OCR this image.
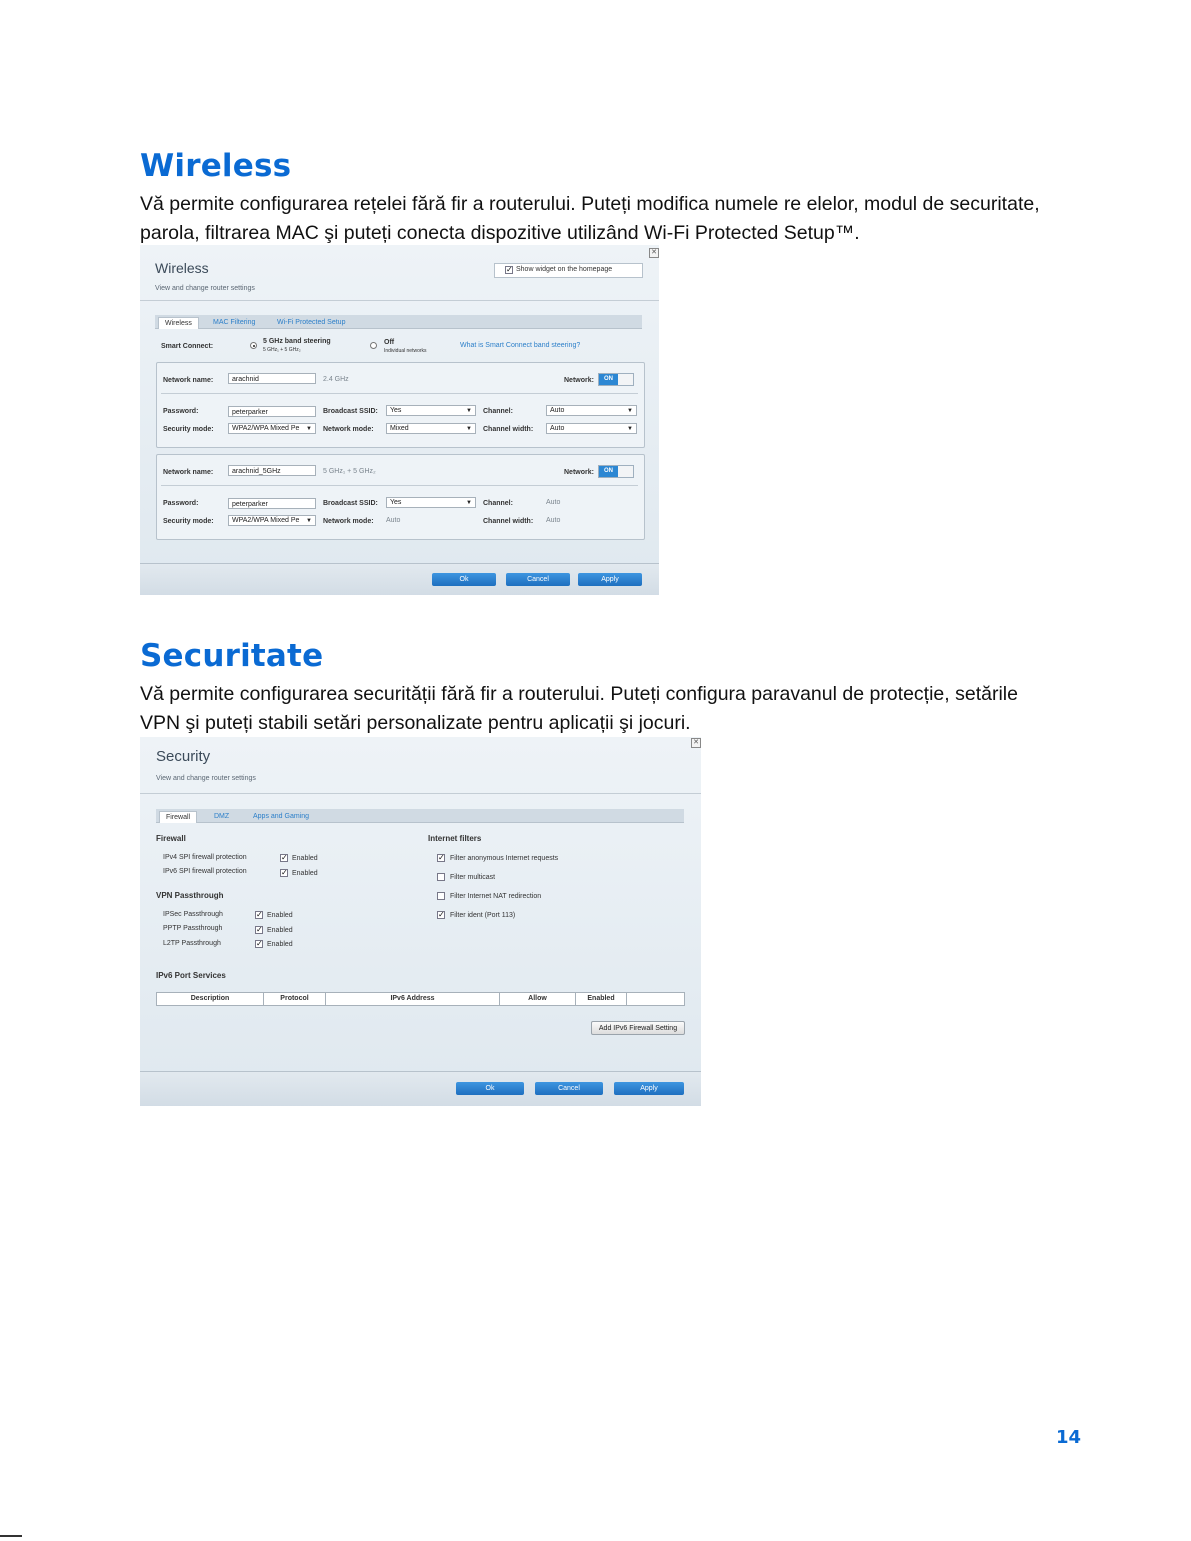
Wireless

Vă permite configurarea rețelei fără fir a routerului. Puteți modifica numele re elelor, modul de securitate, parola, filtrarea MAC şi puteți conecta dispozitive utilizând Wi-Fi Protected Setup™.

✕
Wireless
View and change router settings
✓ Show widget on the homepage
Wireless	MAC Filtering	Wi-Fi Protected Setup
Smart Connect:
5 GHz band steering
5 GHz₁ + 5 GHz₂
Off
Individual networks
What is Smart Connect band steering?
Network name:	arachnid	2.4 GHz	Network:	ON
Password:	peterparker	Broadcast SSID:	Yes	▼ Channel:	Auto	▼
Security mode:	WPA2/WPA Mixed Pe ▼ Network mode:	Mixed	▼ Channel width:	Auto	▼
Network name:	arachnid_5GHz	5 GHz₁ + 5 GHz₂	Network:	ON
Password:	peterparker	Broadcast SSID:	Yes	▼ Channel:	Auto
Security mode:	WPA2/WPA Mixed Pe ▼ Network mode: Auto	Channel width: Auto
Ok	Cancel	Apply
Securitate

Vă permite configurarea securității fără fir a routerului. Puteți configura paravanul de protecție, setările VPN şi puteți stabili setări personalizate pentru aplicații şi jocuri.

✕
Security
View and change router settings
Firewall	DMZ	Apps and Gaming
Firewall
IPv4 SPI firewall protection	✓ Enabled
IPv6 SPI firewall protection	✓ Enabled
VPN Passthrough
IPSec Passthrough	✓ Enabled
PPTP Passthrough	✓ Enabled
L2TP Passthrough	✓ Enabled
Internet filters
✓ Filter anonymous Internet requests
Filter multicast
Filter Internet NAT redirection
✓ Filter ident (Port 113)
IPv6 Port Services
Description	Protocol	IPv6 Address	Allow	Enabled
Add IPv6 Firewall Setting
Ok	Cancel	Apply
14
